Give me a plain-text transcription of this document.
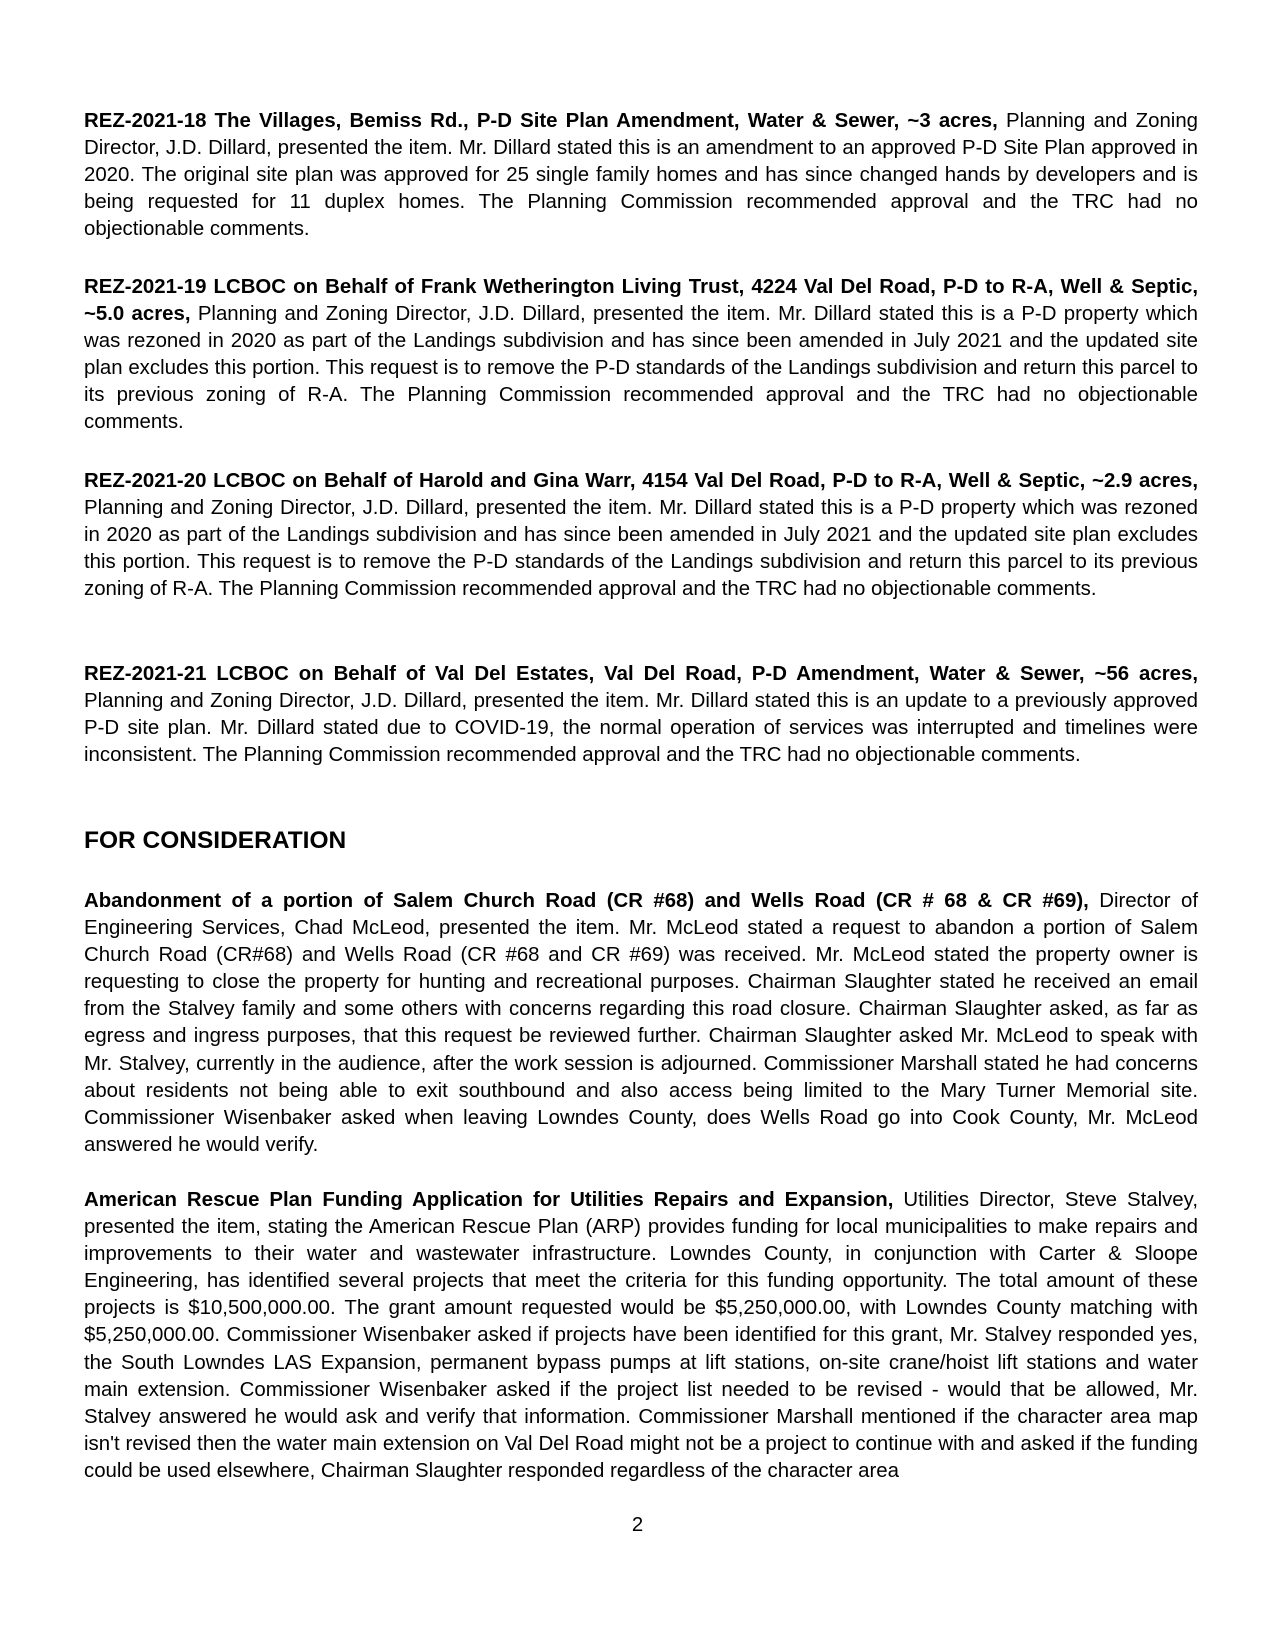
REZ-2021-18 The Villages, Bemiss Rd., P-D Site Plan Amendment, Water & Sewer, ~3 acres, Planning and Zoning Director, J.D. Dillard, presented the item. Mr. Dillard stated this is an amendment to an approved P-D Site Plan approved in 2020. The original site plan was approved for 25 single family homes and has since changed hands by developers and is being requested for 11 duplex homes. The Planning Commission recommended approval and the TRC had no objectionable comments.

REZ-2021-19 LCBOC on Behalf of Frank Wetherington Living Trust, 4224 Val Del Road, P-D to R-A, Well & Septic, ~5.0 acres, Planning and Zoning Director, J.D. Dillard, presented the item. Mr. Dillard stated this is a P-D property which was rezoned in 2020 as part of the Landings subdivision and has since been amended in July 2021 and the updated site plan excludes this portion. This request is to remove the P-D standards of the Landings subdivision and return this parcel to its previous zoning of R-A. The Planning Commission recommended approval and the TRC had no objectionable comments.

REZ-2021-20 LCBOC on Behalf of Harold and Gina Warr, 4154 Val Del Road, P-D to R-A, Well & Septic, ~2.9 acres, Planning and Zoning Director, J.D. Dillard, presented the item. Mr. Dillard stated this is a P-D property which was rezoned in 2020 as part of the Landings subdivision and has since been amended in July 2021 and the updated site plan excludes this portion. This request is to remove the P-D standards of the Landings subdivision and return this parcel to its previous zoning of R-A. The Planning Commission recommended approval and the TRC had no objectionable comments.

REZ-2021-21 LCBOC on Behalf of Val Del Estates, Val Del Road, P-D Amendment, Water & Sewer, ~56 acres, Planning and Zoning Director, J.D. Dillard, presented the item. Mr. Dillard stated this is an update to a previously approved P-D site plan. Mr. Dillard stated due to COVID-19, the normal operation of services was interrupted and timelines were inconsistent. The Planning Commission recommended approval and the TRC had no objectionable comments.

FOR CONSIDERATION

Abandonment of a portion of Salem Church Road (CR #68) and Wells Road (CR # 68 & CR #69), Director of Engineering Services, Chad McLeod, presented the item. Mr. McLeod stated a request to abandon a portion of Salem Church Road (CR#68) and Wells Road (CR #68 and CR #69) was received. Mr. McLeod stated the property owner is requesting to close the property for hunting and recreational purposes. Chairman Slaughter stated he received an email from the Stalvey family and some others with concerns regarding this road closure. Chairman Slaughter asked, as far as egress and ingress purposes, that this request be reviewed further. Chairman Slaughter asked Mr. McLeod to speak with Mr. Stalvey, currently in the audience, after the work session is adjourned. Commissioner Marshall stated he had concerns about residents not being able to exit southbound and also access being limited to the Mary Turner Memorial site. Commissioner Wisenbaker asked when leaving Lowndes County, does Wells Road go into Cook County, Mr. McLeod answered he would verify.

American Rescue Plan Funding Application for Utilities Repairs and Expansion, Utilities Director, Steve Stalvey, presented the item, stating the American Rescue Plan (ARP) provides funding for local municipalities to make repairs and improvements to their water and wastewater infrastructure. Lowndes County, in conjunction with Carter & Sloope Engineering, has identified several projects that meet the criteria for this funding opportunity. The total amount of these projects is $10,500,000.00. The grant amount requested would be $5,250,000.00, with Lowndes County matching with $5,250,000.00. Commissioner Wisenbaker asked if projects have been identified for this grant, Mr. Stalvey responded yes, the South Lowndes LAS Expansion, permanent bypass pumps at lift stations, on-site crane/hoist lift stations and water main extension. Commissioner Wisenbaker asked if the project list needed to be revised - would that be allowed, Mr. Stalvey answered he would ask and verify that information. Commissioner Marshall mentioned if the character area map isn't revised then the water main extension on Val Del Road might not be a project to continue with and asked if the funding could be used elsewhere, Chairman Slaughter responded regardless of the character area

2
